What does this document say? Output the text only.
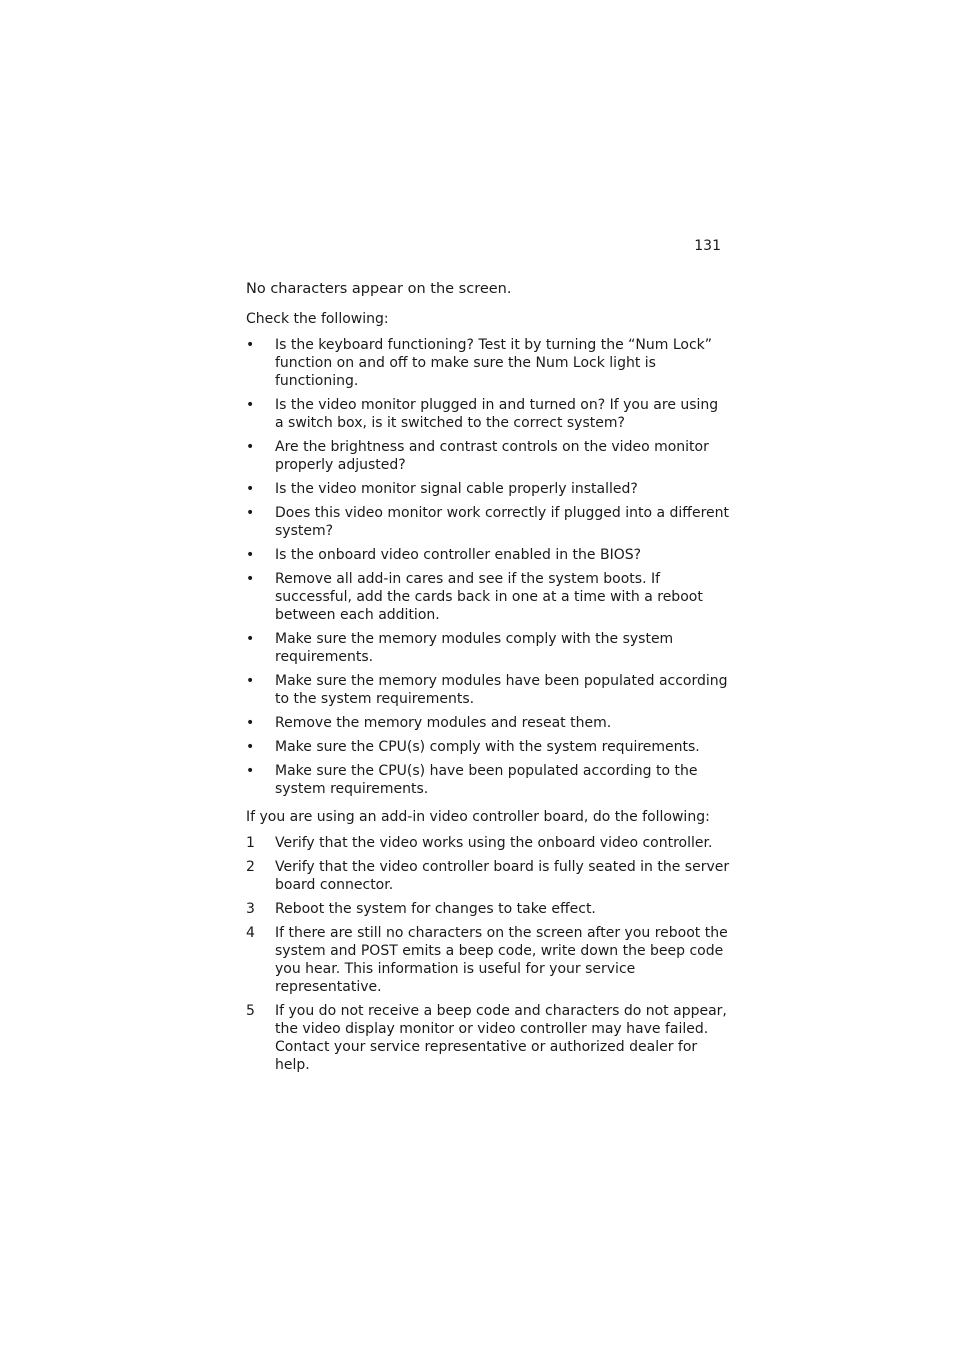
131

No characters appear on the screen.

Check the following:

•	Is the keyboard functioning? Test it by turning the “Num Lock” function on and off to make sure the Num Lock light is functioning.
•	Is the video monitor plugged in and turned on? If you are using a switch box, is it switched to the correct system?
•	Are the brightness and contrast controls on the video monitor properly adjusted?
•	Is the video monitor signal cable properly installed?
•	Does this video monitor work correctly if plugged into a different system?
•	Is the onboard video controller enabled in the BIOS?
•	Remove all add-in cares and see if the system boots. If successful, add the cards back in one at a time with a reboot between each addition.
•	Make sure the memory modules comply with the system requirements.
•	Make sure the memory modules have been populated according to the system requirements.
•	Remove the memory modules and reseat them.
•	Make sure the CPU(s) comply with the system requirements.
•	Make sure the CPU(s) have been populated according to the system requirements.

If you are using an add-in video controller board, do the following:

1	Verify that the video works using the onboard video controller.
2	Verify that the video controller board is fully seated in the server board connector.
3	Reboot the system for changes to take effect.
4	If there are still no characters on the screen after you reboot the system and POST emits a beep code, write down the beep code you hear. This information is useful for your service representative.
5	If you do not receive a beep code and characters do not appear, the video display monitor or video controller may have failed. Contact your service representative or authorized dealer for help.
